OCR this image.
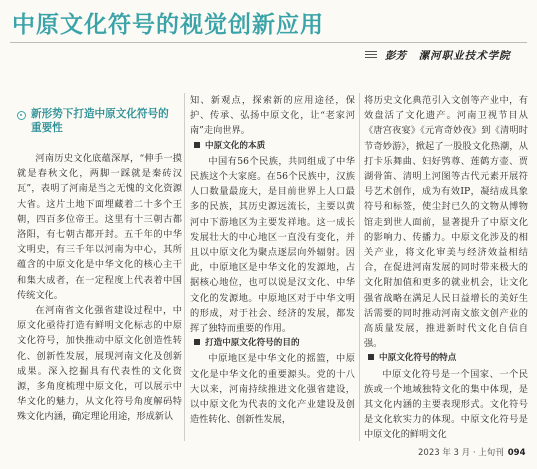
中原文化符号的视觉创新应用
彭芳 漯河职业技术学院
新形势下打造中原文化符号的重要性

河南历史文化底蕴深厚，“伸手一摸就是春秋文化，两脚一踩就是秦砖汉瓦”，表明了河南是当之无愧的文化资源大省。这片土地下面埋藏着二十多个王朝，四百多位帝王。这里有十三朝古都洛阳，有七朝古都开封。五千年的中华文明史，有三千年以河南为中心，其所蕴含的中原文化是中华文化的核心主干和集大成者，在一定程度上代表着中国传统文化。

在河南省文化强省建设过程中，中原文化亟待打造有鲜明文化标志的中原文化符号，加快推动中原文化创造性转化、创新性发展，展现河南文化及创新成果。深入挖掘具有代表性的文化资源，多角度梳理中原文化，可以展示中华文化的魅力，从文化符号角度解码特殊文化内涵，确定理论用途，形成新认

知、新观点，探索新的应用途径，保护、传承、弘扬中原文化，让“老家河南”走向世界。

中原文化的本质

中国有56个民族，共同组成了中华民族这个大家庭。在56个民族中，汉族人口数量最庞大，是目前世界上人口最多的民族，其历史源远流长，主要以黄河中下游地区为主要发祥地。这一成长发展壮大的中心地区一直没有变化，并且以中原文化为聚点逐层向外辐射。因此，中原地区是中华文化的发源地，占据核心地位，也可以说是汉文化、中华文化的发源地。中原地区对于中华文明的形成，对于社会、经济的发展，都发挥了独特而重要的作用。

打造中原文化符号的目的

中原地区是中华文化的摇篮，中原文化是中华文化的重要源头。党的十八大以来，河南持续推进文化强省建设，以中原文化为代表的文化产业建设及创造性转化、创新性发展，

将历史文化典范引入文创等产业中，有效盘活了文化遗产。河南卫视节目从《唐宫夜宴》《元宵奇妙夜》到《清明时节奇妙游》，掀起了一股股文化热潮，从打卡乐舞曲、妇好鸮尊、莲鹤方壶、贾湖骨笛、清明上河图等古代元素开展符号艺术创作，成为有效IP，凝结成具象符号和标签，使尘封已久的文物从博物馆走到世人面前，显著提升了中原文化的影响力、传播力。中原文化涉及的相关产业，将文化审美与经济效益相结合，在促进河南发展的同时带来极大的文化附加值和更多的就业机会，让文化强省战略在满足人民日益增长的美好生活需要的同时推动河南文旅文创产业的高质量发展，推进新时代文化自信自强。

中原文化符号的特点

中原文化符号是一个国家、一个民族或一个地域独特文化的集中体现，是其文化内涵的主要表现形式。文化符号是文化软实力的体现。中原文化符号是中原文化的鲜明文化

2023 年 3 月 · 上旬刊 094
